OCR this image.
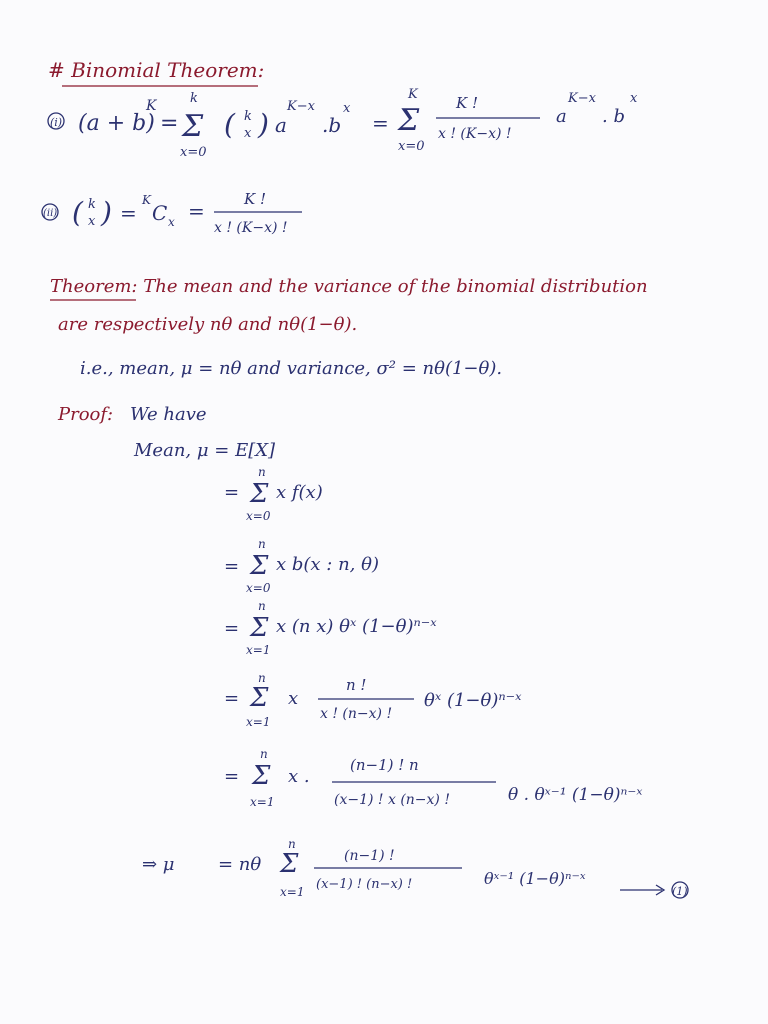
# Binomial Theorem:
(i) (a + b)
K
=
k
Σ
x=0
( k
x ) a
K−x
.b
x
=
K
Σ
x=0
K !
x ! (K−x) !
a
K−x
. b
x
(ii) ( k
x ) =
K
C x =	K !
x ! (K−x) !
Theorem: The mean and the variance of the binomial distribution
are respectively nθ and nθ(1−θ).
i.e., mean, μ = nθ and variance, σ² = nθ(1−θ).
Proof: We have
Mean, μ = E[X]
=
n
Σ
x=0
x f(x)
=
n
Σ
x=0
x b(x : n, θ)
=
n
Σ
x=1
x (n x) θˣ (1−θ)ⁿ⁻ˣ
=
n
Σ
x=1
x
n !
x ! (n−x) !
θˣ (1−θ)ⁿ⁻ˣ
=
n
Σ
x=1
x .
(n−1) ! n
(x−1) ! x (n−x) !	θ . θˣ⁻¹ (1−θ)ⁿ⁻ˣ
⇒ μ = nθ
n
Σ
x=1
(n−1) !
(x−1) ! (n−x) !	θˣ⁻¹ (1−θ)ⁿ⁻ˣ
(1)
